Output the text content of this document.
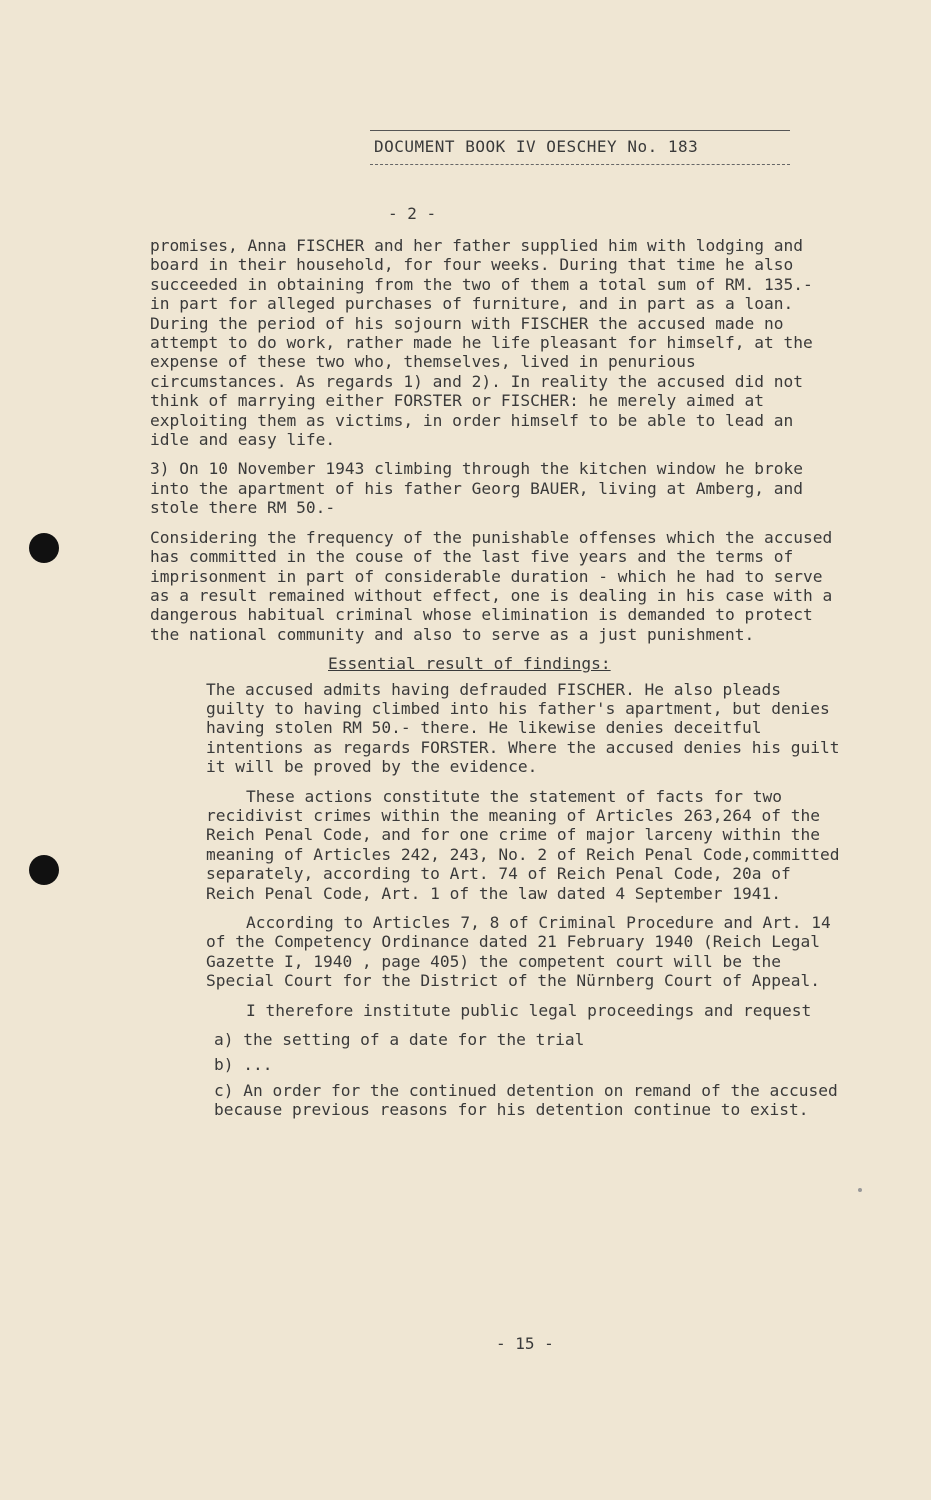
DOCUMENT BOOK IV OESCHEY No. 183
- 2 -

promises, Anna FISCHER and her father supplied him with lodging and board in their household, for four weeks. During that time he also succeeded in obtaining from the two of them a total sum of RM. 135.- in part for alleged purchases of furniture, and in part as a loan. During the period of his sojourn with FISCHER the accused made no attempt to do work, rather made he life pleasant for himself, at the expense of these two who, themselves, lived in penurious circumstances. As regards 1) and 2). In reality the accused did not think of marrying either FORSTER or FISCHER: he merely aimed at exploiting them as victims, in order himself to be able to lead an idle and easy life.

3) On 10 November 1943 climbing through the kitchen window he broke into the apartment of his father Georg BAUER, living at Amberg, and stole there RM 50.-

Considering the frequency of the punishable offenses which the accused has committed in the couse of the last five years and the terms of imprisonment in part of considerable duration - which he had to serve as a result remained without effect, one is dealing in his case with a dangerous habitual criminal whose elimination is demanded to protect the national community and also to serve as a just punishment.

Essential result of findings:

The accused admits having defrauded FISCHER. He also pleads guilty to having climbed into his father's apartment, but denies having stolen RM 50.- there. He likewise denies deceitful intentions as regards FORSTER. Where the accused denies his guilt it will be proved by the evidence.

These actions constitute the statement of facts for two recidivist crimes within the meaning of Articles 263,264 of the Reich Penal Code, and for one crime of major larceny within the meaning of Articles 242, 243, No. 2 of Reich Penal Code,committed separately, according to Art. 74 of Reich Penal Code, 20a of Reich Penal Code, Art. 1 of the law dated 4 September 1941.

According to Articles 7, 8 of Criminal Procedure and Art. 14 of the Competency Ordinance dated 21 February 1940 (Reich Legal Gazette I, 1940 , page 405) the competent court will be the Special Court for the District of the Nürnberg Court of Appeal.

I therefore institute public legal proceedings and request

a) the setting of a date for the trial
b) ...
c) An order for the continued detention on remand of the accused because previous reasons for his detention continue to exist.
- 15 -
